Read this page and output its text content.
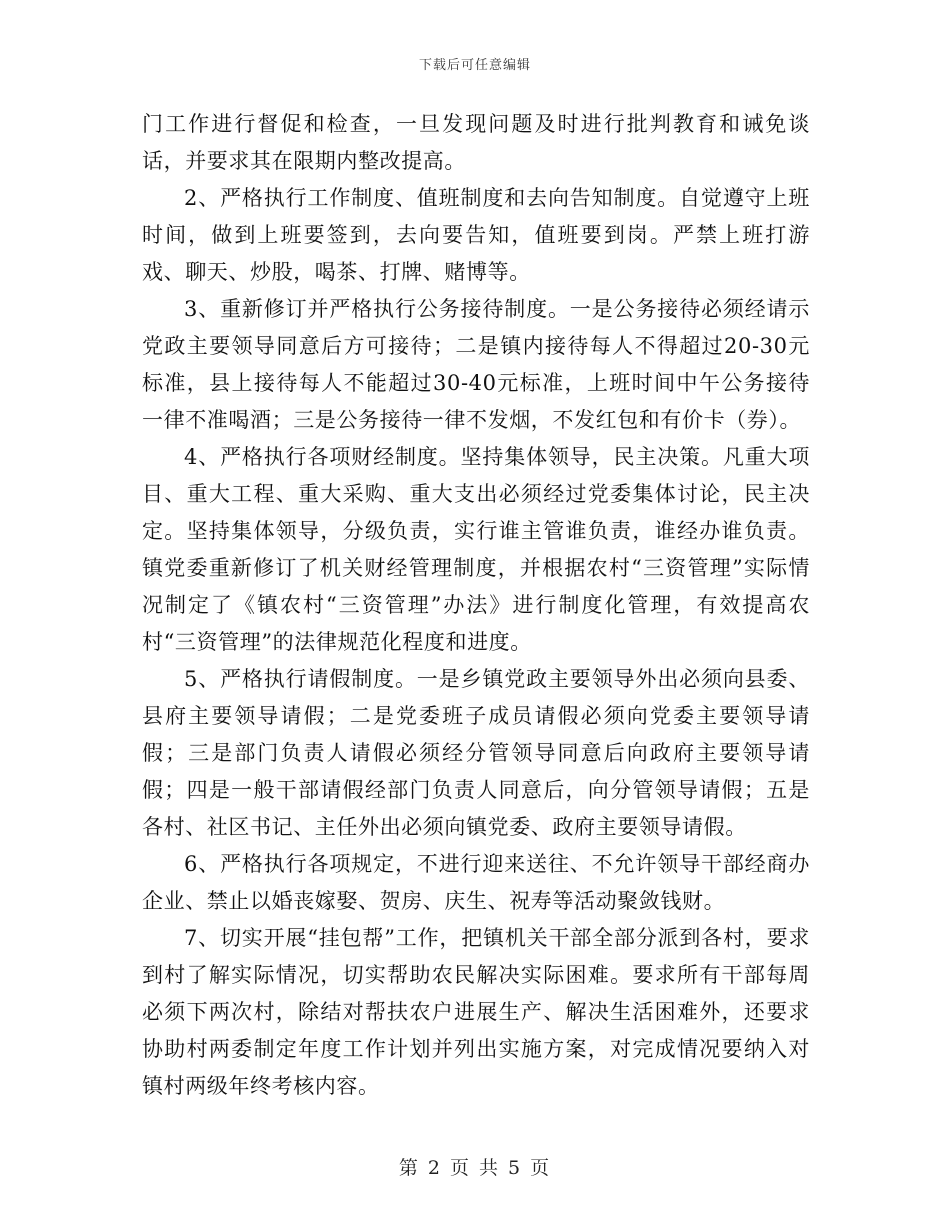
下载后可任意编辑

门工作进行督促和检查，一旦发现问题及时进行批判教育和诫免谈话，并要求其在限期内整改提高。

2、严格执行工作制度、值班制度和去向告知制度。自觉遵守上班时间，做到上班要签到，去向要告知，值班要到岗。严禁上班打游戏、聊天、炒股，喝茶、打牌、赌博等。

3、重新修订并严格执行公务接待制度。一是公务接待必须经请示党政主要领导同意后方可接待；二是镇内接待每人不得超过20-30元标准，县上接待每人不能超过30-40元标准，上班时间中午公务接待一律不准喝酒；三是公务接待一律不发烟，不发红包和有价卡（券）。

4、严格执行各项财经制度。坚持集体领导，民主决策。凡重大项目、重大工程、重大采购、重大支出必须经过党委集体讨论，民主决定。坚持集体领导，分级负责，实行谁主管谁负责，谁经办谁负责。镇党委重新修订了机关财经管理制度，并根据农村“三资管理”实际情况制定了《镇农村“三资管理”办法》进行制度化管理，有效提高农村“三资管理”的法律规范化程度和进度。

5、严格执行请假制度。一是乡镇党政主要领导外出必须向县委、县府主要领导请假；二是党委班子成员请假必须向党委主要领导请假；三是部门负责人请假必须经分管领导同意后向政府主要领导请假；四是一般干部请假经部门负责人同意后，向分管领导请假；五是各村、社区书记、主任外出必须向镇党委、政府主要领导请假。

6、严格执行各项规定，不进行迎来送往、不允许领导干部经商办企业、禁止以婚丧嫁娶、贺房、庆生、祝寿等活动聚敛钱财。

7、切实开展“挂包帮”工作，把镇机关干部全部分派到各村，要求到村了解实际情况，切实帮助农民解决实际困难。要求所有干部每周必须下两次村，除结对帮扶农户进展生产、解决生活困难外，还要求协助村两委制定年度工作计划并列出实施方案，对完成情况要纳入对镇村两级年终考核内容。

第 2 页 共 5 页
